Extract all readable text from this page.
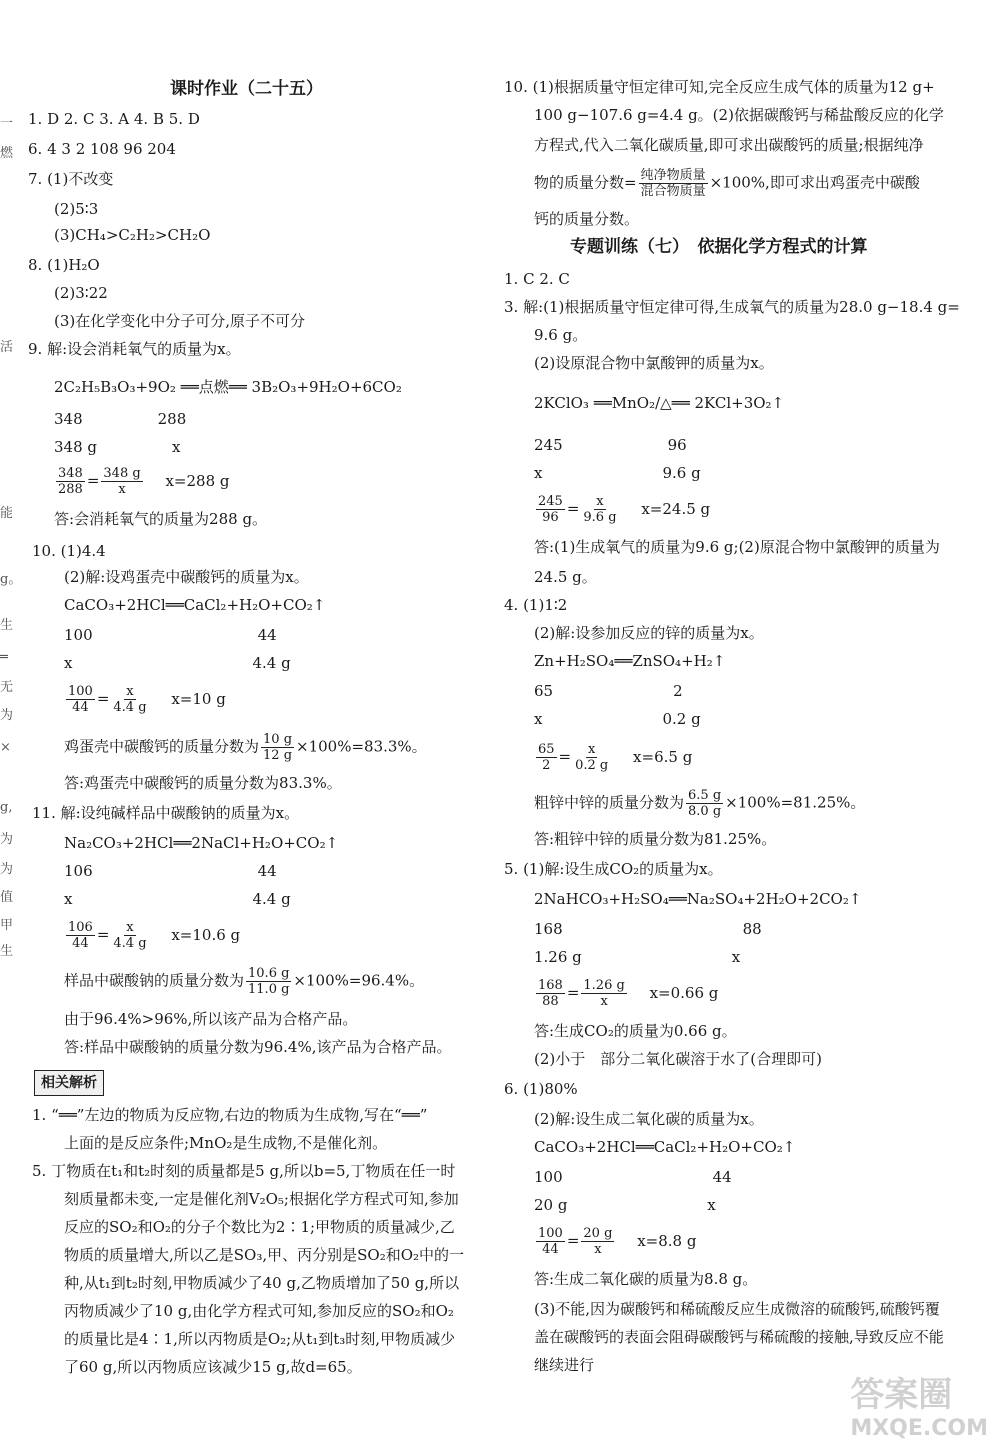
课时作业（二十五）
1. D 2. C 3. A 4. B 5. D
6. 4 3 2 108 96 204
7. (1)不改变
(2)5∶3
(3)CH₄>C₂H₂>CH₂O
8. (1)H₂O
(2)3∶22
(3)在化学变化中分子可分,原子不可分
9. 解:设会消耗氧气的质量为x。
2C₂H₅B₃O₃+9O₂ ══点燃══ 3B₂O₃+9H₂O+6CO₂
348　　　　　288
348 g　　　　　x
$\frac{348}{288} = \frac{348 g}{x} x=288$ g
答:会消耗氧气的质量为288 g。
10. (1)4.4
(2)解:设鸡蛋壳中碳酸钙的质量为x。
CaCO₃+2HCl══CaCl₂+H₂O+CO₂↑
100　　　　　　　　　　　44
x　　　　　　　　　　　　4.4 g
$\frac{100}{44} = \frac{x}{4.4 g} x=10$ g
鸡蛋壳中碳酸钙的质量分数为 $\frac{10 g}{12 g} \times 100\%=83.3\%$。
答:鸡蛋壳中碳酸钙的质量分数为83.3%。
11. 解:设纯碱样品中碳酸钠的质量为x。
Na₂CO₃+2HCl══2NaCl+H₂O+CO₂↑
106　　　　　　　　　　　44
x　　　　　　　　　　　　4.4 g
$\frac{106}{44} = \frac{x}{4.4 g} x=10.6$ g
样品中碳酸钠的质量分数为 $\frac{10.6 g}{11.0 g} \times 100\%=96.4\%$。
由于96.4%>96%,所以该产品为合格产品。
答:样品中碳酸钠的质量分数为96.4%,该产品为合格产品。
相关解析
1. “══”左边的物质为反应物,右边的物质为生成物,写在“══”
上面的是反应条件;MnO₂是生成物,不是催化剂。
5. 丁物质在t₁和t₂时刻的质量都是5 g,所以b=5,丁物质在任一时
刻质量都未变,一定是催化剂V₂O₅;根据化学方程式可知,参加
反应的SO₂和O₂的分子个数比为2∶1;甲物质的质量减少,乙
物质的质量增大,所以乙是SO₃,甲、丙分别是SO₂和O₂中的一
种,从t₁到t₂时刻,甲物质减少了40 g,乙物质增加了50 g,所以
丙物质减少了10 g,由化学方程式可知,参加反应的SO₂和O₂
的质量比是4∶1,所以丙物质是O₂;从t₁到t₃时刻,甲物质减少
了60 g,所以丙物质应该减少15 g,故d=65。
一
燃
活
能
g。
生
═
无
为
×
g,
为
为
值
甲
生
10. (1)根据质量守恒定律可知,完全反应生成气体的质量为12 g+
100 g−107.6 g=4.4 g。(2)依据碳酸钙与稀盐酸反应的化学
方程式,代入二氧化碳质量,即可求出碳酸钙的质量;根据纯净
物的质量分数= $\frac{\text{纯净物质量}}{\text{混合物质量}} \times 100\%$,即可求出鸡蛋壳中碳酸
钙的质量分数。
专题训练（七）　依据化学方程式的计算
1. C 2. C
3. 解:(1)根据质量守恒定律可得,生成氧气的质量为28.0 g−18.4 g=
9.6 g。
(2)设原混合物中氯酸钾的质量为x。
2KClO₃ ══MnO₂/△══ 2KCl+3O₂↑
245　　　　　　　96
x　　　　　　　　9.6 g
$\frac{245}{96} = \frac{x}{9.6 g} x=24.5$ g
答:(1)生成氧气的质量为9.6 g;(2)原混合物中氯酸钾的质量为
24.5 g。
4. (1)1∶2
(2)解:设参加反应的锌的质量为x。
Zn+H₂SO₄══ZnSO₄+H₂↑
65　　　　　　　　2
x　　　　　　　　0.2 g
$\frac{65}{2} = \frac{x}{0.2 g} x=6.5$ g
粗锌中锌的质量分数为 $\frac{6.5 g}{8.0 g} \times 100\%=81.25\%$。
答:粗锌中锌的质量分数为81.25%。
5. (1)解:设生成CO₂的质量为x。
2NaHCO₃+H₂SO₄══Na₂SO₄+2H₂O+2CO₂↑
168　　　　　　　　　　　　88
1.26 g　　　　　　　　　　x
$\frac{168}{88} = \frac{1.26 g}{x} x=0.66$ g
答:生成CO₂的质量为0.66 g。
(2)小于　部分二氧化碳溶于水了(合理即可)
6. (1)80%
(2)解:设生成二氧化碳的质量为x。
CaCO₃+2HCl══CaCl₂+H₂O+CO₂↑
100　　　　　　　　　　44
20 g　　　　　　　　　 x
$\frac{100}{44} = \frac{20 g}{x} x=8.8$ g
答:生成二氧化碳的质量为8.8 g。
(3)不能,因为碳酸钙和稀硫酸反应生成微溶的硫酸钙,硫酸钙覆
盖在碳酸钙的表面会阻碍碳酸钙与稀硫酸的接触,导致反应不能
继续进行
答案圈
MXQE.COM
